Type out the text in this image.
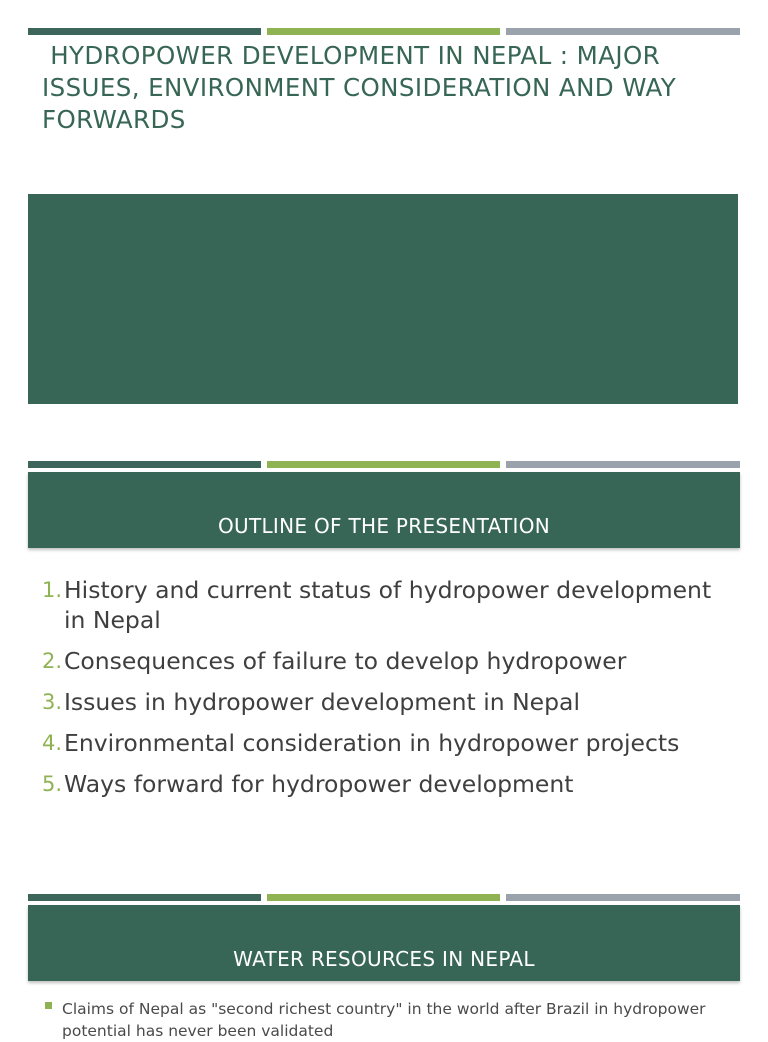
HYDROPOWER DEVELOPMENT IN NEPAL : MAJOR ISSUES, ENVIRONMENT CONSIDERATION AND WAY FORWARDS
OUTLINE OF THE PRESENTATION
1. History and current status of hydropower development in Nepal
2. Consequences of failure to develop hydropower
3. Issues in hydropower development in Nepal
4. Environmental consideration in hydropower projects
5. Ways forward for hydropower development
WATER RESOURCES IN NEPAL
Claims of Nepal as "second richest country" in the world after Brazil in hydropower potential has never been validated
